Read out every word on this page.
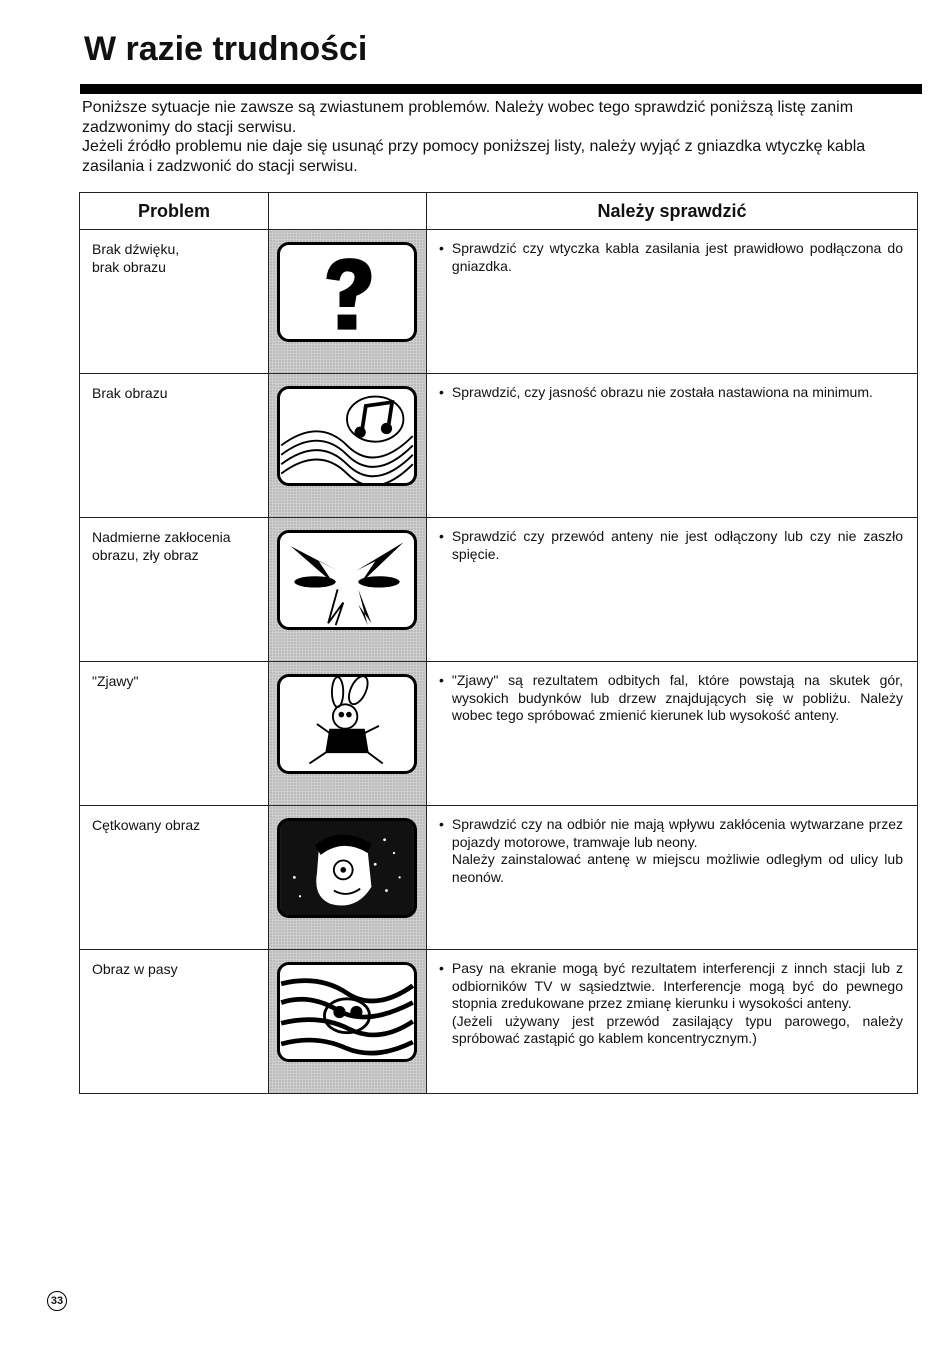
W razie trudności

Poniższe sytuacje nie zawsze są zwiastunem problemów. Należy wobec tego sprawdzić poniższą listę zanim zadzwonimy do stacji serwisu.

Jeżeli źródło problemu nie daje się usunąć przy pomocy poniższej listy, należy wyjąć z gniazdka wtyczkę kabla zasilania i zadzwonić do stacji serwisu.

Problem		Należy sprawdzić

Brak dźwięku,
brak obrazu		• Sprawdzić czy wtyczka kabla zasilania jest prawidłowo podłączona do gniazdka.

Brak obrazu		• Sprawdzić, czy jasność obrazu nie została nastawiona na minimum.

Nadmierne zakłocenia obrazu, zły obraz		• Sprawdzić czy przewód anteny nie jest odłączony lub czy nie zaszło spięcie.

"Zjawy"		• "Zjawy" są rezultatem odbitych fal, które powstają na skutek gór, wysokich budynków lub drzew znajdujących się w pobliżu. Należy wobec tego spróbować zmienić kierunek lub wysokość anteny.

Cętkowany obraz		• Sprawdzić czy na odbiór nie mają wpływu zakłócenia wytwarzane przez pojazdy motorowe, tramwaje lub neony.
Należy zainstalować antenę w miejscu możliwie odległym od ulicy lub neonów.

Obraz w pasy		• Pasy na ekranie mogą być rezultatem interferencji z innch stacji lub z odbiorników TV w sąsiedztwie. Interferencje mogą być do pewnego stopnia zredukowane przez zmianę kierunku i wysokości anteny.
(Jeżeli używany jest przewód zasilający typu parowego, należy spróbować zastąpić go kablem koncentrycznym.)
33
